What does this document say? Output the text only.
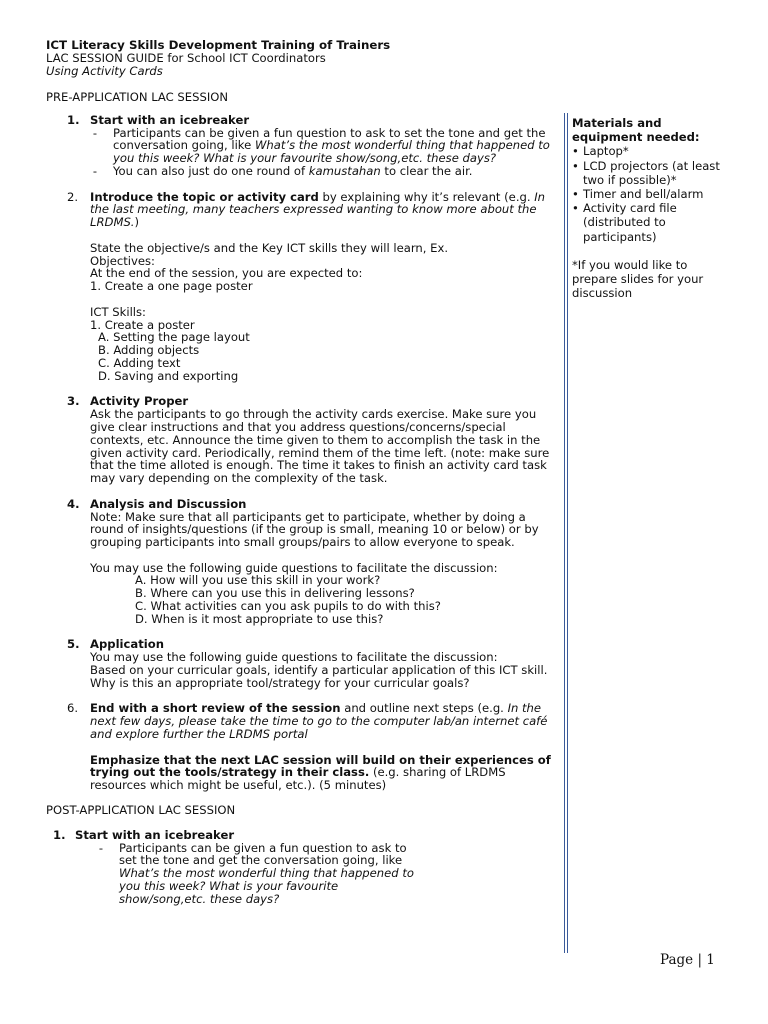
ICT Literacy Skills Development Training of Trainers
LAC SESSION GUIDE for School ICT Coordinators
Using Activity Cards
PRE-APPLICATION LAC SESSION
1. Start with an icebreaker
- Participants can be given a fun question to ask to set the tone and get the conversation going, like What’s the most wonderful thing that happened to you this week? What is your favourite show/song,etc. these days?
- You can also just do one round of kamustahan to clear the air.
2. Introduce the topic or activity card by explaining why it’s relevant (e.g. In the last meeting, many teachers expressed wanting to know more about the LRDMS.)
State the objective/s and the Key ICT skills they will learn, Ex.
Objectives:
At the end of the session, you are expected to:
1. Create a one page poster
ICT Skills:
1. Create a poster
A. Setting the page layout
B. Adding objects
C. Adding text
D. Saving and exporting
3. Activity Proper
Ask the participants to go through the activity cards exercise. Make sure you give clear instructions and that you address questions/concerns/special contexts, etc. Announce the time given to them to accomplish the task in the given activity card. Periodically, remind them of the time left. (note: make sure that the time alloted is enough. The time it takes to finish an activity card task may vary depending on the complexity of the task.
4. Analysis and Discussion
Note: Make sure that all participants get to participate, whether by doing a round of insights/questions (if the group is small, meaning 10 or below) or by grouping participants into small groups/pairs to allow everyone to speak.
You may use the following guide questions to facilitate the discussion:
A. How will you use this skill in your work?
B. Where can you use this in delivering lessons?
C. What activities can you ask pupils to do with this?
D. When is it most appropriate to use this?
5. Application
You may use the following guide questions to facilitate the discussion:
Based on your curricular goals, identify a particular application of this ICT skill. Why is this an appropriate tool/strategy for your curricular goals?
6. End with a short review of the session and outline next steps (e.g. In the next few days, please take the time to go to the computer lab/an internet café and explore further the LRDMS portal
Emphasize that the next LAC session will build on their experiences of trying out the tools/strategy in their class. (e.g. sharing of LRDMS resources which might be useful, etc.). (5 minutes)
POST-APPLICATION LAC SESSION
1. Start with an icebreaker
- Participants can be given a fun question to ask to set the tone and get the conversation going, like What’s the most wonderful thing that happened to you this week? What is your favourite show/song,etc. these days?
Materials and equipment needed:
• Laptop*
• LCD projectors (at least two if possible)*
• Timer and bell/alarm
• Activity card file (distributed to participants)
*If you would like to prepare slides for your discussion
Page | 1
